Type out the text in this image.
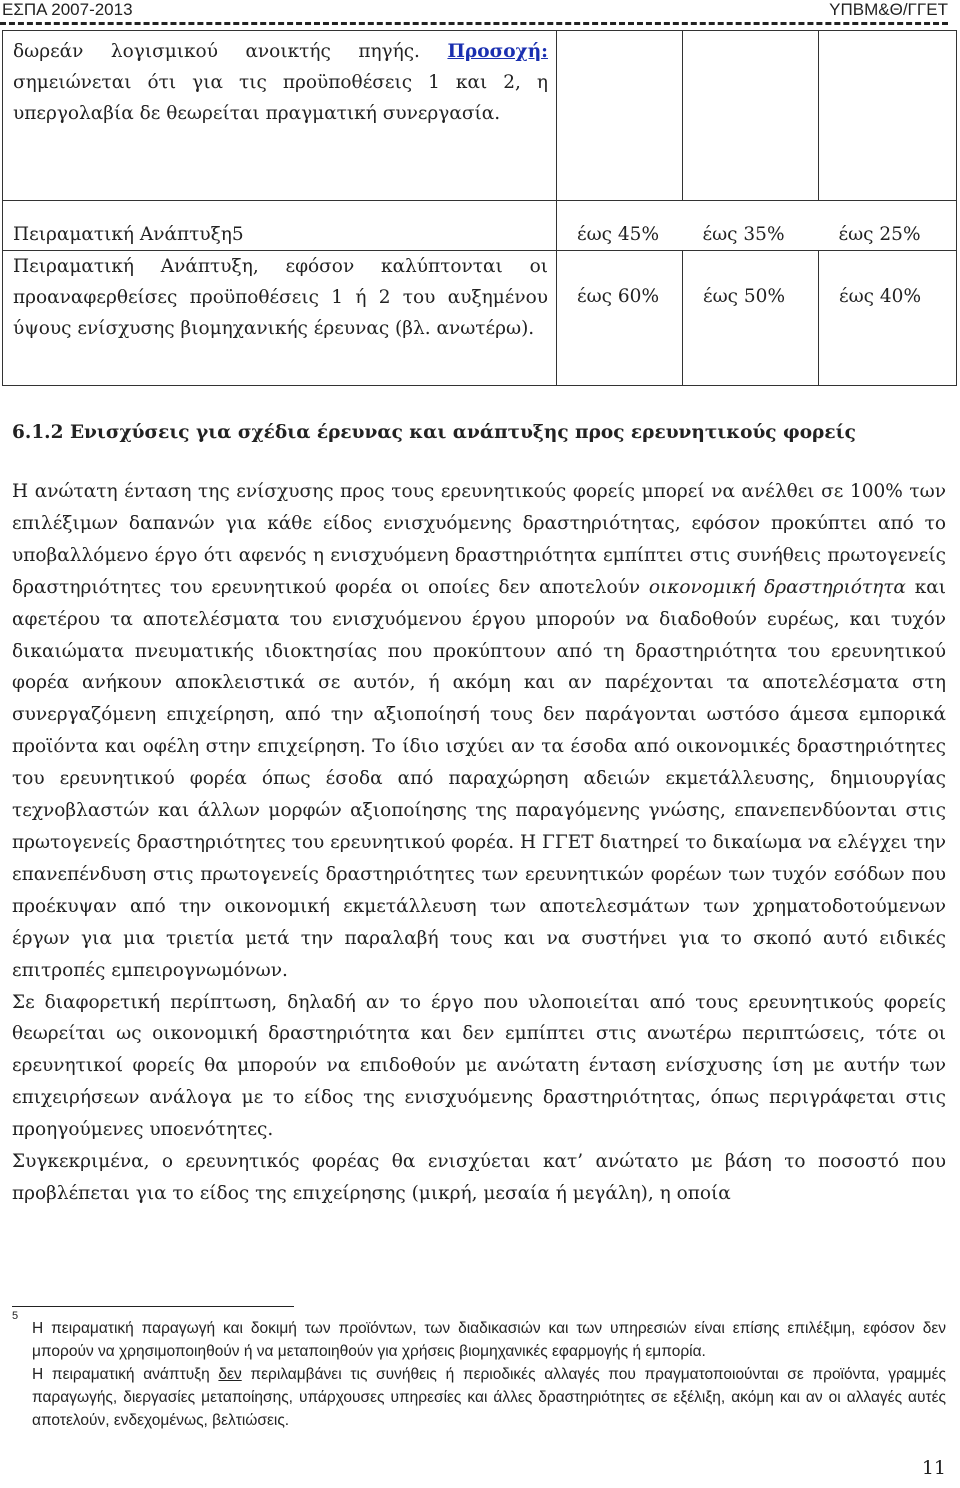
ΕΣΠΑ 2007-2013	ΥΠΒΜ&Θ/ΓΓΕΤ
δωρεάν λογισμικού ανοικτής πηγής. Προσοχή: σημειώνεται ότι για τις προϋποθέσεις 1 και 2, η υπεργολαβία δε θεωρείται πραγματική συνεργασία.			

Πειραματική Ανάπτυξη5	έως 45%	έως 35%	έως 25%

Πειραματική Ανάπτυξη, εφόσον καλύπτονται οι προαναφερθείσες προϋποθέσεις 1 ή 2 του αυξημένου ύψους ενίσχυσης βιομηχανικής έρευνας (βλ. ανωτέρω).	έως 60%	έως 50%	έως 40%
6.1.2 Ενισχύσεις για σχέδια έρευνας και ανάπτυξης προς ερευνητικούς φορείς

Η ανώτατη ένταση της ενίσχυσης προς τους ερευνητικούς φορείς μπορεί να ανέλθει σε 100% των επιλέξιμων δαπανών για κάθε είδος ενισχυόμενης δραστηριότητας, εφόσον προκύπτει από το υποβαλλόμενο έργο ότι αφενός η ενισχυόμενη δραστηριότητα εμπίπτει στις συνήθεις πρωτογενείς δραστηριότητες του ερευνητικού φορέα οι οποίες δεν αποτελούν οικονομική δραστηριότητα και αφετέρου τα αποτελέσματα του ενισχυόμενου έργου μπορούν να διαδοθούν ευρέως, και τυχόν δικαιώματα πνευματικής ιδιοκτησίας που προκύπτουν από τη δραστηριότητα του ερευνητικού φορέα ανήκουν αποκλειστικά σε αυτόν, ή ακόμη και αν παρέχονται τα αποτελέσματα στη συνεργαζόμενη επιχείρηση, από την αξιοποίησή τους δεν παράγονται ωστόσο άμεσα εμπορικά προϊόντα και οφέλη στην επιχείρηση. Το ίδιο ισχύει αν τα έσοδα από οικονομικές δραστηριότητες του ερευνητικού φορέα όπως έσοδα από παραχώρηση αδειών εκμετάλλευσης, δημιουργίας τεχνοβλαστών και άλλων μορφών αξιοποίησης της παραγόμενης γνώσης, επανεπενδύονται στις πρωτογενείς δραστηριότητες του ερευνητικού φορέα. Η ΓΓΕΤ διατηρεί το δικαίωμα να ελέγχει την επανεπένδυση στις πρωτογενείς δραστηριότητες των ερευνητικών φορέων των τυχόν εσόδων που προέκυψαν από την οικονομική εκμετάλλευση των αποτελεσμάτων των χρηματοδοτούμενων έργων για μια τριετία μετά την παραλαβή τους και να συστήνει για το σκοπό αυτό ειδικές επιτροπές εμπειρογνωμόνων.

Σε διαφορετική περίπτωση, δηλαδή αν το έργο που υλοποιείται από τους ερευνητικούς φορείς θεωρείται ως οικονομική δραστηριότητα και δεν εμπίπτει στις ανωτέρω περιπτώσεις, τότε οι ερευνητικοί φορείς θα μπορούν να επιδοθούν με ανώτατη ένταση ενίσχυσης ίση με αυτήν των επιχειρήσεων ανάλογα με το είδος της ενισχυόμενης δραστηριότητας, όπως περιγράφεται στις προηγούμενες υποενότητες.

Συγκεκριμένα, ο ερευνητικός φορέας θα ενισχύεται κατ’ ανώτατο με βάση το ποσοστό που προβλέπεται για το είδος της επιχείρησης (μικρή, μεσαία ή μεγάλη), η οποία

5

Η πειραματική παραγωγή και δοκιμή των προϊόντων, των διαδικασιών και των υπηρεσιών είναι επίσης επιλέξιμη, εφόσον δεν μπορούν να χρησιμοποιηθούν ή να μεταποιηθούν για χρήσεις βιομηχανικές εφαρμογής ή εμπορία.

Η πειραματική ανάπτυξη δεν περιλαμβάνει τις συνήθεις ή περιοδικές αλλαγές που πραγματοποιούνται σε προϊόντα, γραμμές παραγωγής, διεργασίες μεταποίησης, υπάρχουσες υπηρεσίες και άλλες δραστηριότητες σε εξέλιξη, ακόμη και αν οι αλλαγές αυτές αποτελούν, ενδεχομένως, βελτιώσεις.

11
